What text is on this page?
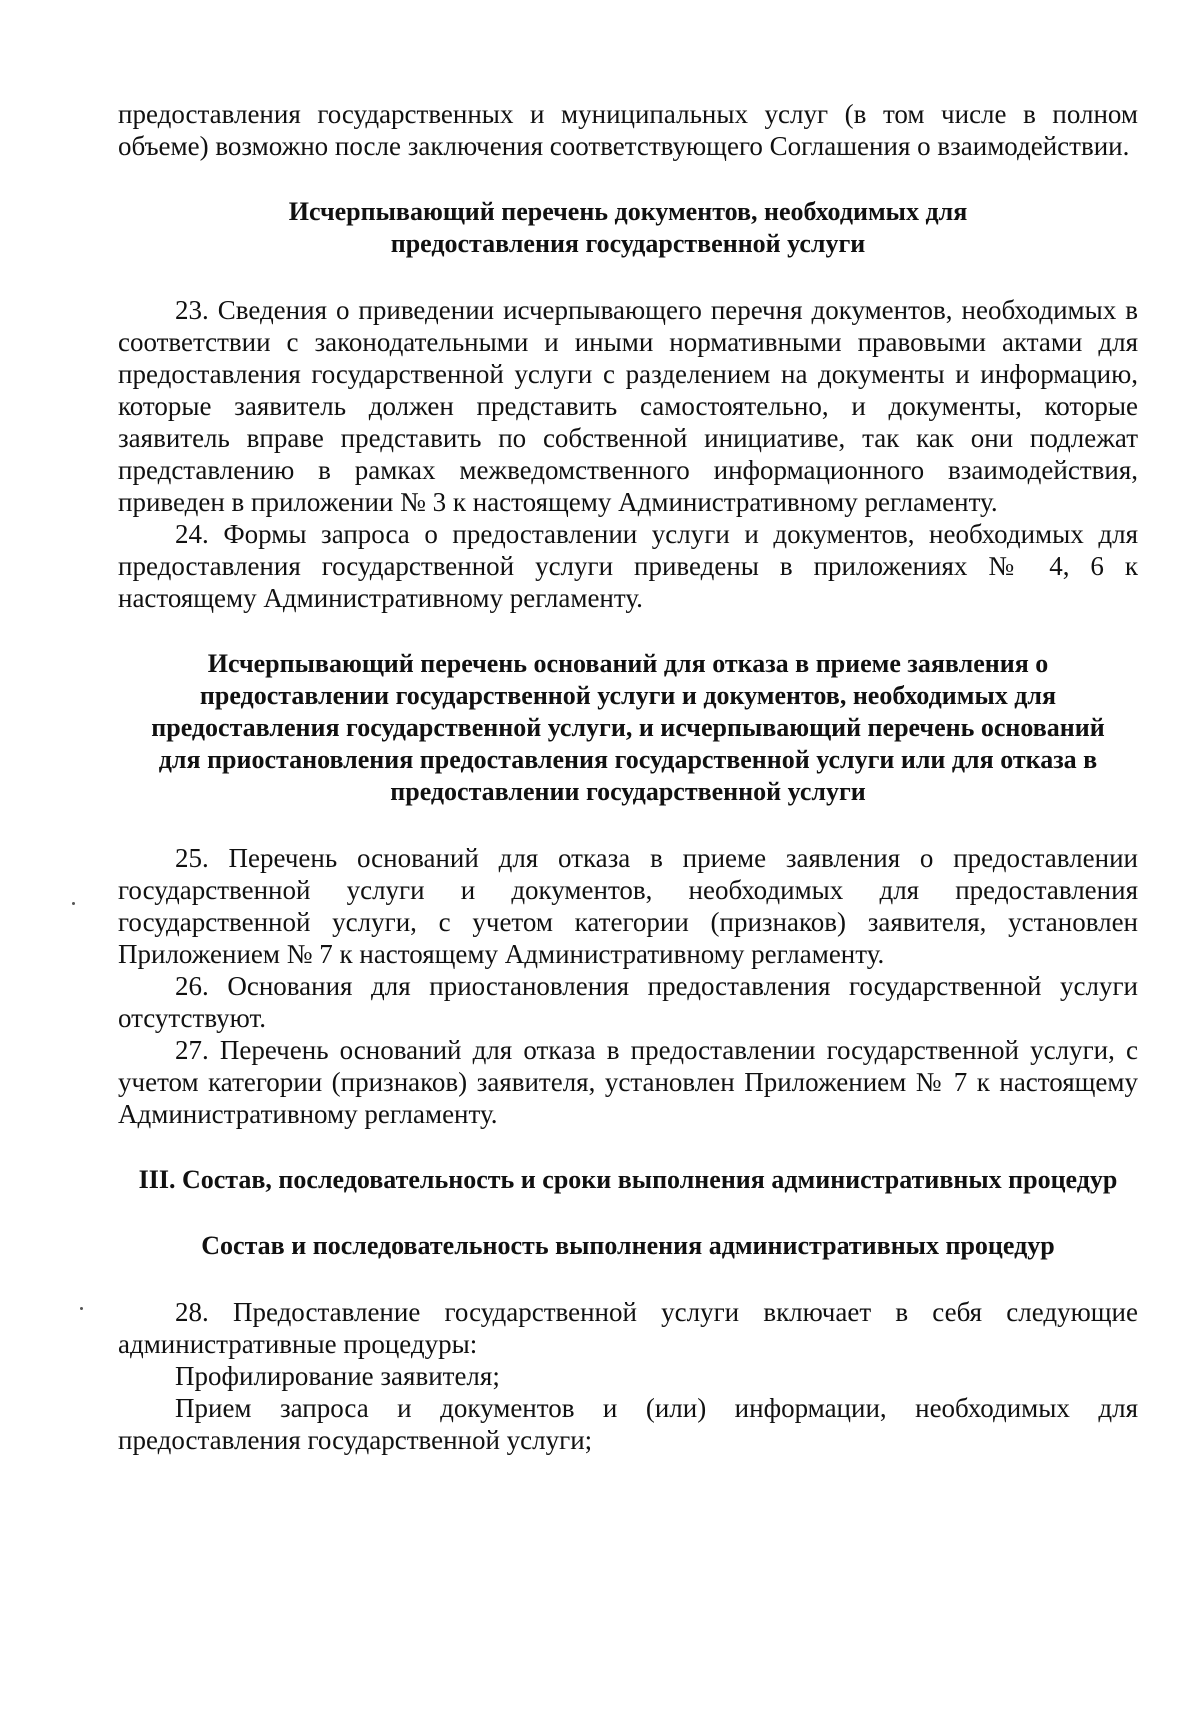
предоставления государственных и муниципальных услуг (в том числе в полном объеме) возможно после заключения соответствующего Соглашения о взаимодействии.

Исчерпывающий перечень документов, необходимых для предоставления государственной услуги

23. Сведения о приведении исчерпывающего перечня документов, необходимых в соответствии с законодательными и иными нормативными правовыми актами для предоставления государственной услуги с разделением на документы и информацию, которые заявитель должен представить самостоятельно, и документы, которые заявитель вправе представить по собственной инициативе, так как они подлежат представлению в рамках межведомственного информационного взаимодействия, приведен в приложении № 3 к настоящему Административному регламенту.

24. Формы запроса о предоставлении услуги и документов, необходимых для предоставления государственной услуги приведены в приложениях № 4, 6 к настоящему Административному регламенту.

Исчерпывающий перечень оснований для отказа в приеме заявления о предоставлении государственной услуги и документов, необходимых для предоставления государственной услуги, и исчерпывающий перечень оснований для приостановления предоставления государственной услуги или для отказа в предоставлении государственной услуги

25. Перечень оснований для отказа в приеме заявления о предоставлении государственной услуги и документов, необходимых для предоставления государственной услуги, с учетом категории (признаков) заявителя, установлен Приложением № 7 к настоящему Административному регламенту.

26. Основания для приостановления предоставления государственной услуги отсутствуют.

27. Перечень оснований для отказа в предоставлении государственной услуги, с учетом категории (признаков) заявителя, установлен Приложением № 7 к настоящему Административному регламенту.

III. Состав, последовательность и сроки выполнения административных процедур
Состав и последовательность выполнения административных процедур

28. Предоставление государственной услуги включает в себя следующие административные процедуры:

Профилирование заявителя;

Прием запроса и документов и (или) информации, необходимых для предоставления государственной услуги;
